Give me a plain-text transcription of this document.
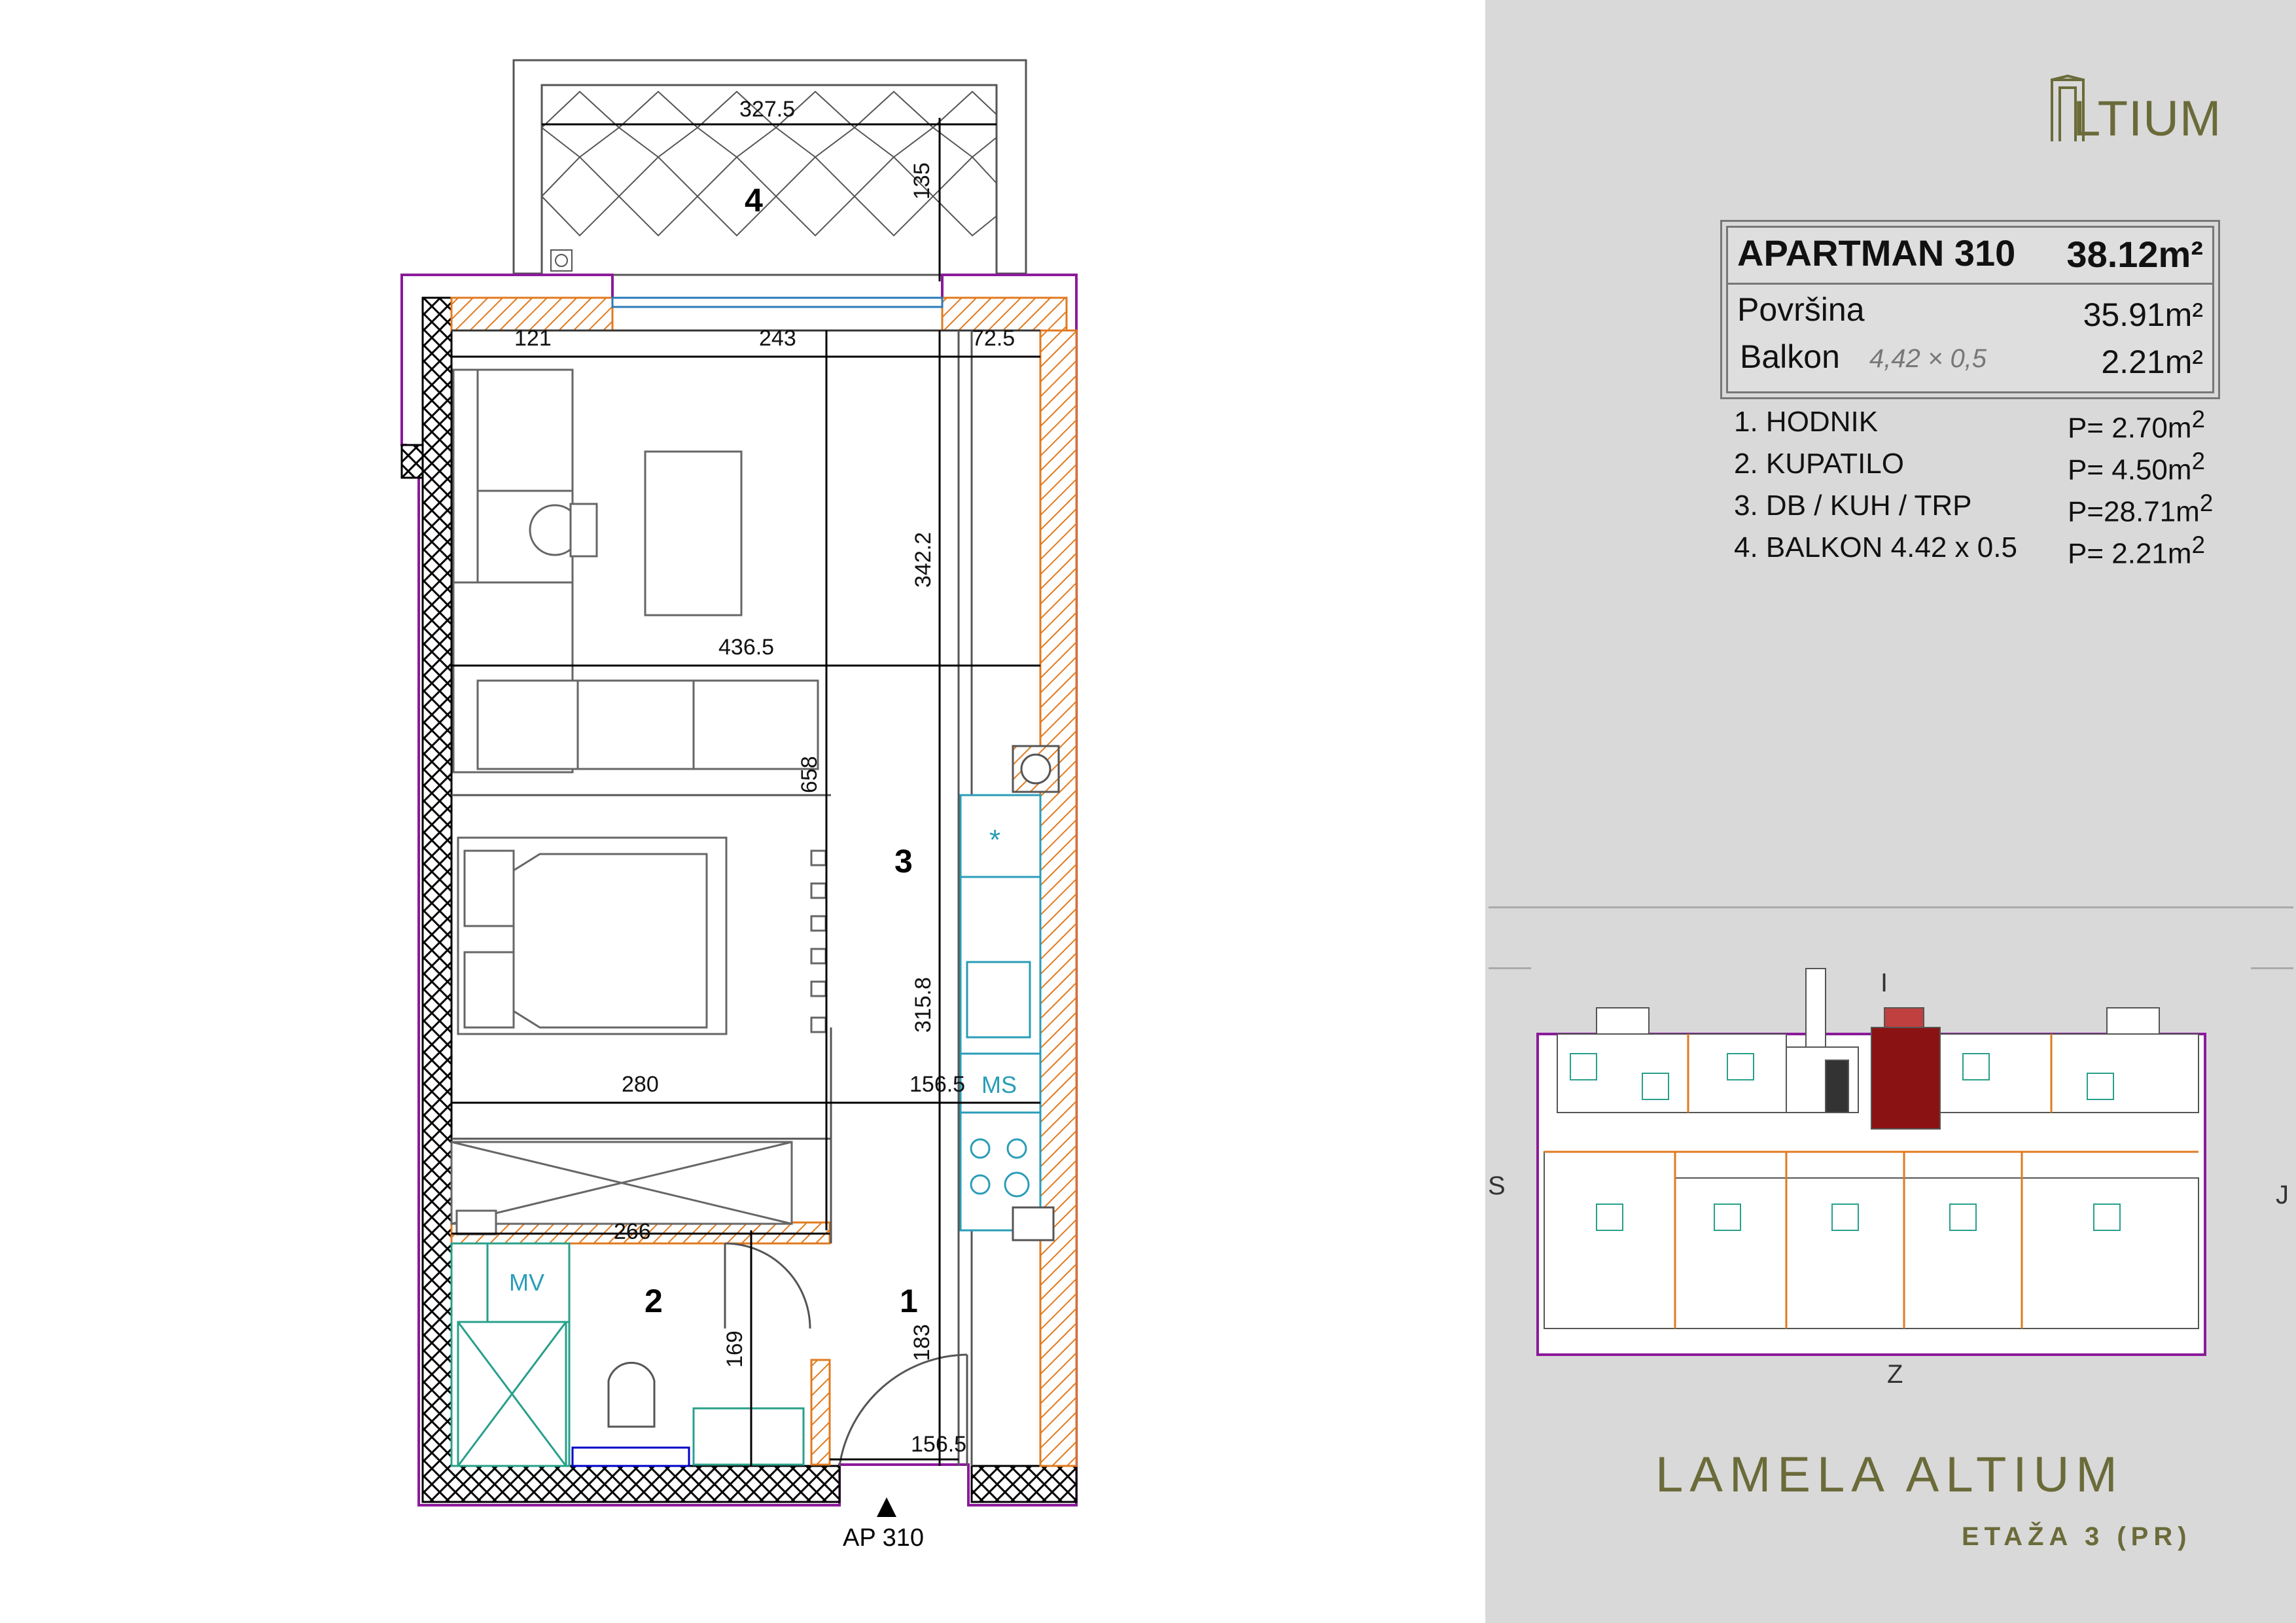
327.5
135
121	243	72.5
342.2
436.5
658
280	156.5
315.8
266
169	183
156.5
4
3
2	1
MV
MS
*
AP 310
LTIUM
APARTMAN 310 38.12m²
Površina	35.91m²
Balkon 4,42 × 0,5	2.21m²
1. HODNIK	$P= 2.70m^2$
2. KUPATILO	$P= 4.50m^2$
3. DB / KUH / TRP	$P=28.71m^2$
4. BALKON 4.42 x 0.5 $P= 2.21m^2$
I
Z
S	J
LAMELA ALTIUM
ETAŽA 3 (PR)
